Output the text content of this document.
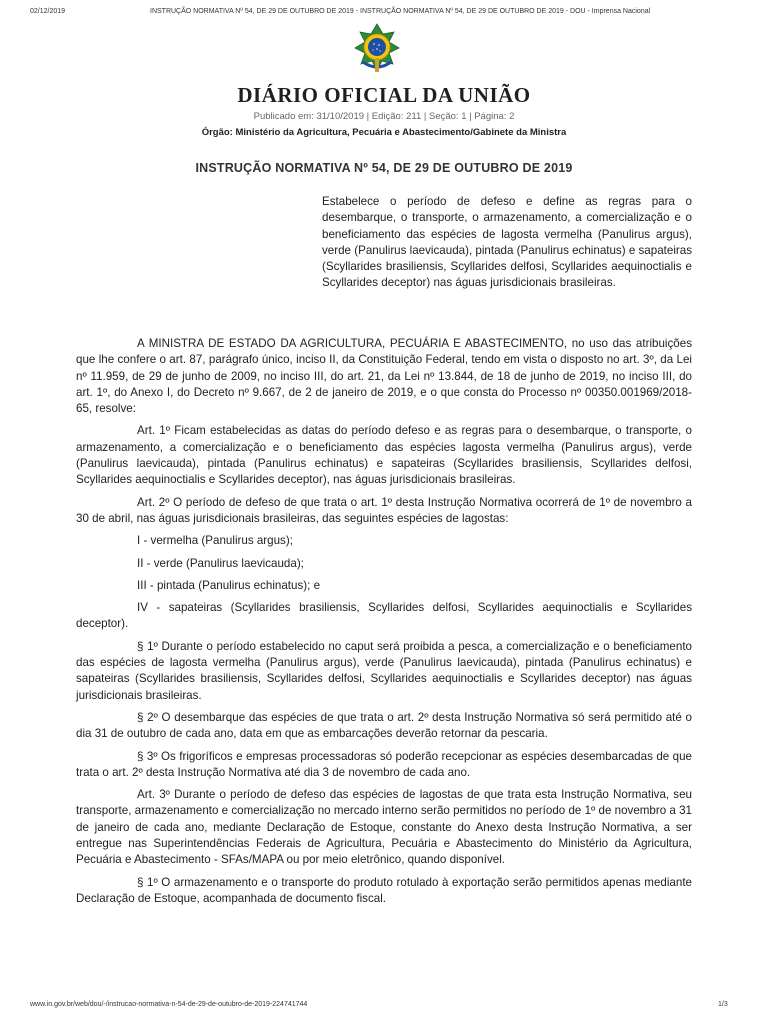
02/12/2019	INSTRUÇÃO NORMATIVA Nº 54, DE 29 DE OUTUBRO DE 2019 - INSTRUÇÃO NORMATIVA Nº 54, DE 29 DE OUTUBRO DE 2019 - DOU - Imprensa Nacional
DIÁRIO OFICIAL DA UNIÃO
Publicado em: 31/10/2019 | Edição: 211 | Seção: 1 | Página: 2
Órgão: Ministério da Agricultura, Pecuária e Abastecimento/Gabinete da Ministra
INSTRUÇÃO NORMATIVA Nº 54, DE 29 DE OUTUBRO DE 2019
Estabelece o período de defeso e define as regras para o desembarque, o transporte, o armazenamento, a comercialização e o beneficiamento das espécies de lagosta vermelha (Panulirus argus), verde (Panulirus laevicauda), pintada (Panulirus echinatus) e sapateiras (Scyllarides brasiliensis, Scyllarides delfosi, Scyllarides aequinoctialis e Scyllarides deceptor) nas águas jurisdicionais brasileiras.

A MINISTRA DE ESTADO DA AGRICULTURA, PECUÁRIA E ABASTECIMENTO, no uso das atribuições que lhe confere o art. 87, parágrafo único, inciso II, da Constituição Federal, tendo em vista o disposto no art. 3º, da Lei nº 11.959, de 29 de junho de 2009, no inciso III, do art. 21, da Lei nº 13.844, de 18 de junho de 2019, no inciso III, do art. 1º, do Anexo I, do Decreto nº 9.667, de 2 de janeiro de 2019, e o que consta do Processo nº 00350.001969/2018-65, resolve:

Art. 1º Ficam estabelecidas as datas do período defeso e as regras para o desembarque, o transporte, o armazenamento, a comercialização e o beneficiamento das espécies lagosta vermelha (Panulirus argus), verde (Panulirus laevicauda), pintada (Panulirus echinatus) e sapateiras (Scyllarides brasiliensis, Scyllarides delfosi, Scyllarides aequinoctialis e Scyllarides deceptor), nas águas jurisdicionais brasileiras.

Art. 2º O período de defeso de que trata o art. 1º desta Instrução Normativa ocorrerá de 1º de novembro a 30 de abril, nas águas jurisdicionais brasileiras, das seguintes espécies de lagostas:

I - vermelha (Panulirus argus);

II - verde (Panulirus laevicauda);

III - pintada (Panulirus echinatus); e

IV - sapateiras (Scyllarides brasiliensis, Scyllarides delfosi, Scyllarides aequinoctialis e Scyllarides deceptor).

§ 1º Durante o período estabelecido no caput será proibida a pesca, a comercialização e o beneficiamento das espécies de lagosta vermelha (Panulirus argus), verde (Panulirus laevicauda), pintada (Panulirus echinatus) e sapateiras (Scyllarides brasiliensis, Scyllarides delfosi, Scyllarides aequinoctialis e Scyllarides deceptor) nas águas jurisdicionais brasileiras.

§ 2º O desembarque das espécies de que trata o art. 2º desta Instrução Normativa só será permitido até o dia 31 de outubro de cada ano, data em que as embarcações deverão retornar da pescaria.

§ 3º Os frigoríficos e empresas processadoras só poderão recepcionar as espécies desembarcadas de que trata o art. 2º desta Instrução Normativa até dia 3 de novembro de cada ano.

Art. 3º Durante o período de defeso das espécies de lagostas de que trata esta Instrução Normativa, seu transporte, armazenamento e comercialização no mercado interno serão permitidos no período de 1º de novembro a 31 de janeiro de cada ano, mediante Declaração de Estoque, constante do Anexo desta Instrução Normativa, a ser entregue nas Superintendências Federais de Agricultura, Pecuária e Abastecimento do Ministério da Agricultura, Pecuária e Abastecimento - SFAs/MAPA ou por meio eletrônico, quando disponível.

§ 1º O armazenamento e o transporte do produto rotulado à exportação serão permitidos apenas mediante Declaração de Estoque, acompanhada de documento fiscal.

www.in.gov.br/web/dou/-/instrucao-normativa-n-54-de-29-de-outubro-de-2019-224741744	1/3
